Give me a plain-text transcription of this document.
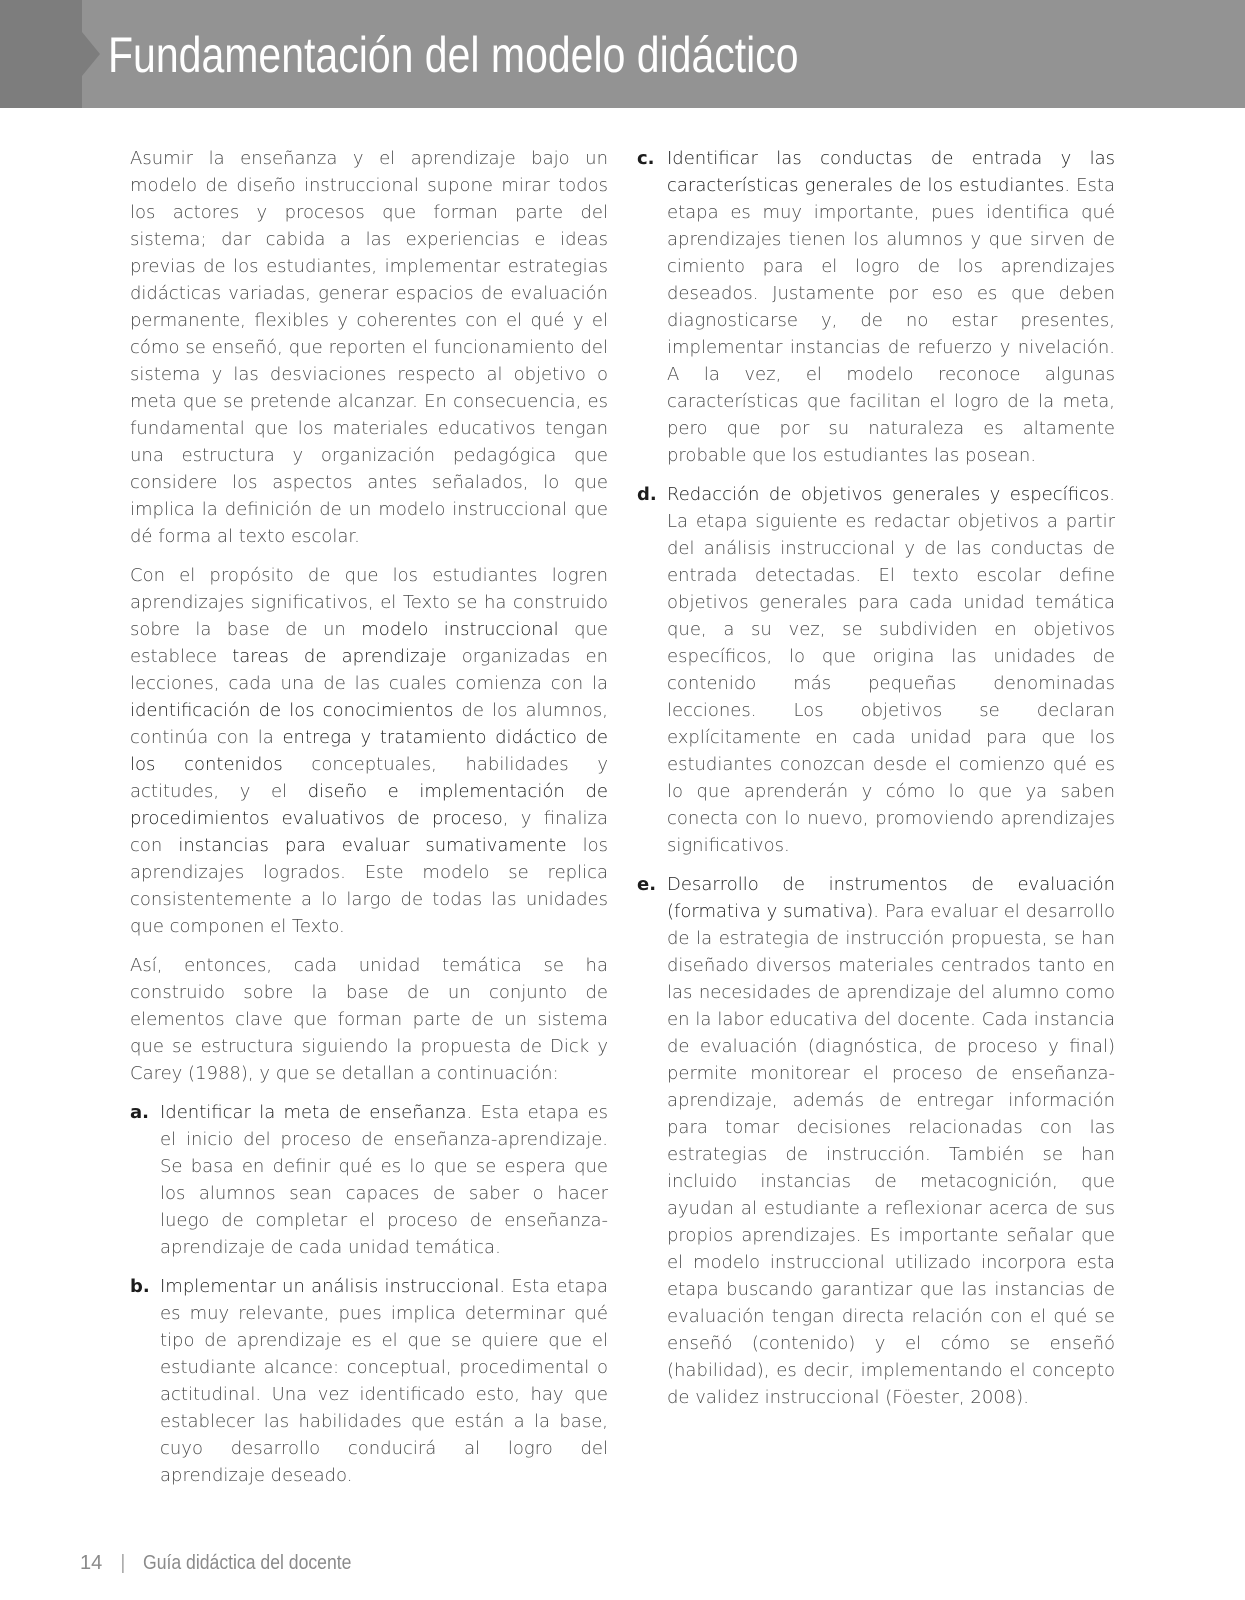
Fundamentación del modelo didáctico

Asumir la enseñanza y el aprendizaje bajo un modelo de diseño instruccional supone mirar todos los actores y procesos que forman parte del sistema; dar cabida a las experiencias e ideas previas de los estudiantes, implementar estrategias didácticas variadas, generar espacios de evaluación permanente, flexibles y coherentes con el qué y el cómo se enseñó, que reporten el funcionamiento del sistema y las desviaciones respecto al objetivo o meta que se pretende alcanzar. En consecuencia, es fundamental que los materiales educativos tengan una estructura y organización pedagógica que considere los aspectos antes señalados, lo que implica la definición de un modelo instruccional que dé forma al texto escolar.

Con el propósito de que los estudiantes logren aprendizajes significativos, el Texto se ha construido sobre la base de un modelo instruccional que establece tareas de aprendizaje organizadas en lecciones, cada una de las cuales comienza con la identificación de los conocimientos de los alumnos, continúa con la entrega y tratamiento didáctico de los contenidos conceptuales, habilidades y actitudes, y el diseño e implementación de procedimientos evaluativos de proceso, y finaliza con instancias para evaluar sumativamente los aprendizajes logrados. Este modelo se replica consistentemente a lo largo de todas las unidades que componen el Texto.

Así, entonces, cada unidad temática se ha construido sobre la base de un conjunto de elementos clave que forman parte de un sistema que se estructura siguiendo la propuesta de Dick y Carey (1988), y que se detallan a continuación:

a. Identificar la meta de enseñanza. Esta etapa es el inicio del proceso de enseñanza-aprendizaje. Se basa en definir qué es lo que se espera que los alumnos sean capaces de saber o hacer luego de completar el proceso de enseñanza-aprendizaje de cada unidad temática.
b. Implementar un análisis instruccional. Esta etapa es muy relevante, pues implica determinar qué tipo de aprendizaje es el que se quiere que el estudiante alcance: conceptual, procedimental o actitudinal. Una vez identificado esto, hay que establecer las habilidades que están a la base, cuyo desarrollo conducirá al logro del aprendizaje deseado.
c. Identificar las conductas de entrada y las características generales de los estudiantes. Esta etapa es muy importante, pues identifica qué aprendizajes tienen los alumnos y que sirven de cimiento para el logro de los aprendizajes deseados. Justamente por eso es que deben diagnosticarse y, de no estar presentes, implementar instancias de refuerzo y nivelación. A la vez, el modelo reconoce algunas características que facilitan el logro de la meta, pero que por su naturaleza es altamente probable que los estudiantes las posean.
d. Redacción de objetivos generales y específicos. La etapa siguiente es redactar objetivos a partir del análisis instruccional y de las conductas de entrada detectadas. El texto escolar define objetivos generales para cada unidad temática que, a su vez, se subdividen en objetivos específicos, lo que origina las unidades de contenido más pequeñas denominadas lecciones. Los objetivos se declaran explícitamente en cada unidad para que los estudiantes conozcan desde el comienzo qué es lo que aprenderán y cómo lo que ya saben conecta con lo nuevo, promoviendo aprendizajes significativos.
e. Desarrollo de instrumentos de evaluación (formativa y sumativa). Para evaluar el desarrollo de la estrategia de instrucción propuesta, se han diseñado diversos materiales centrados tanto en las necesidades de aprendizaje del alumno como en la labor educativa del docente. Cada instancia de evaluación (diagnóstica, de proceso y final) permite monitorear el proceso de enseñanza-aprendizaje, además de entregar información para tomar decisiones relacionadas con las estrategias de instrucción. También se han incluido instancias de metacognición, que ayudan al estudiante a reflexionar acerca de sus propios aprendizajes. Es importante señalar que el modelo instruccional utilizado incorpora esta etapa buscando garantizar que las instancias de evaluación tengan directa relación con el qué se enseñó (contenido) y el cómo se enseñó (habilidad), es decir, implementando el concepto de validez instruccional (Föester, 2008).
14 | Guía didáctica del docente
